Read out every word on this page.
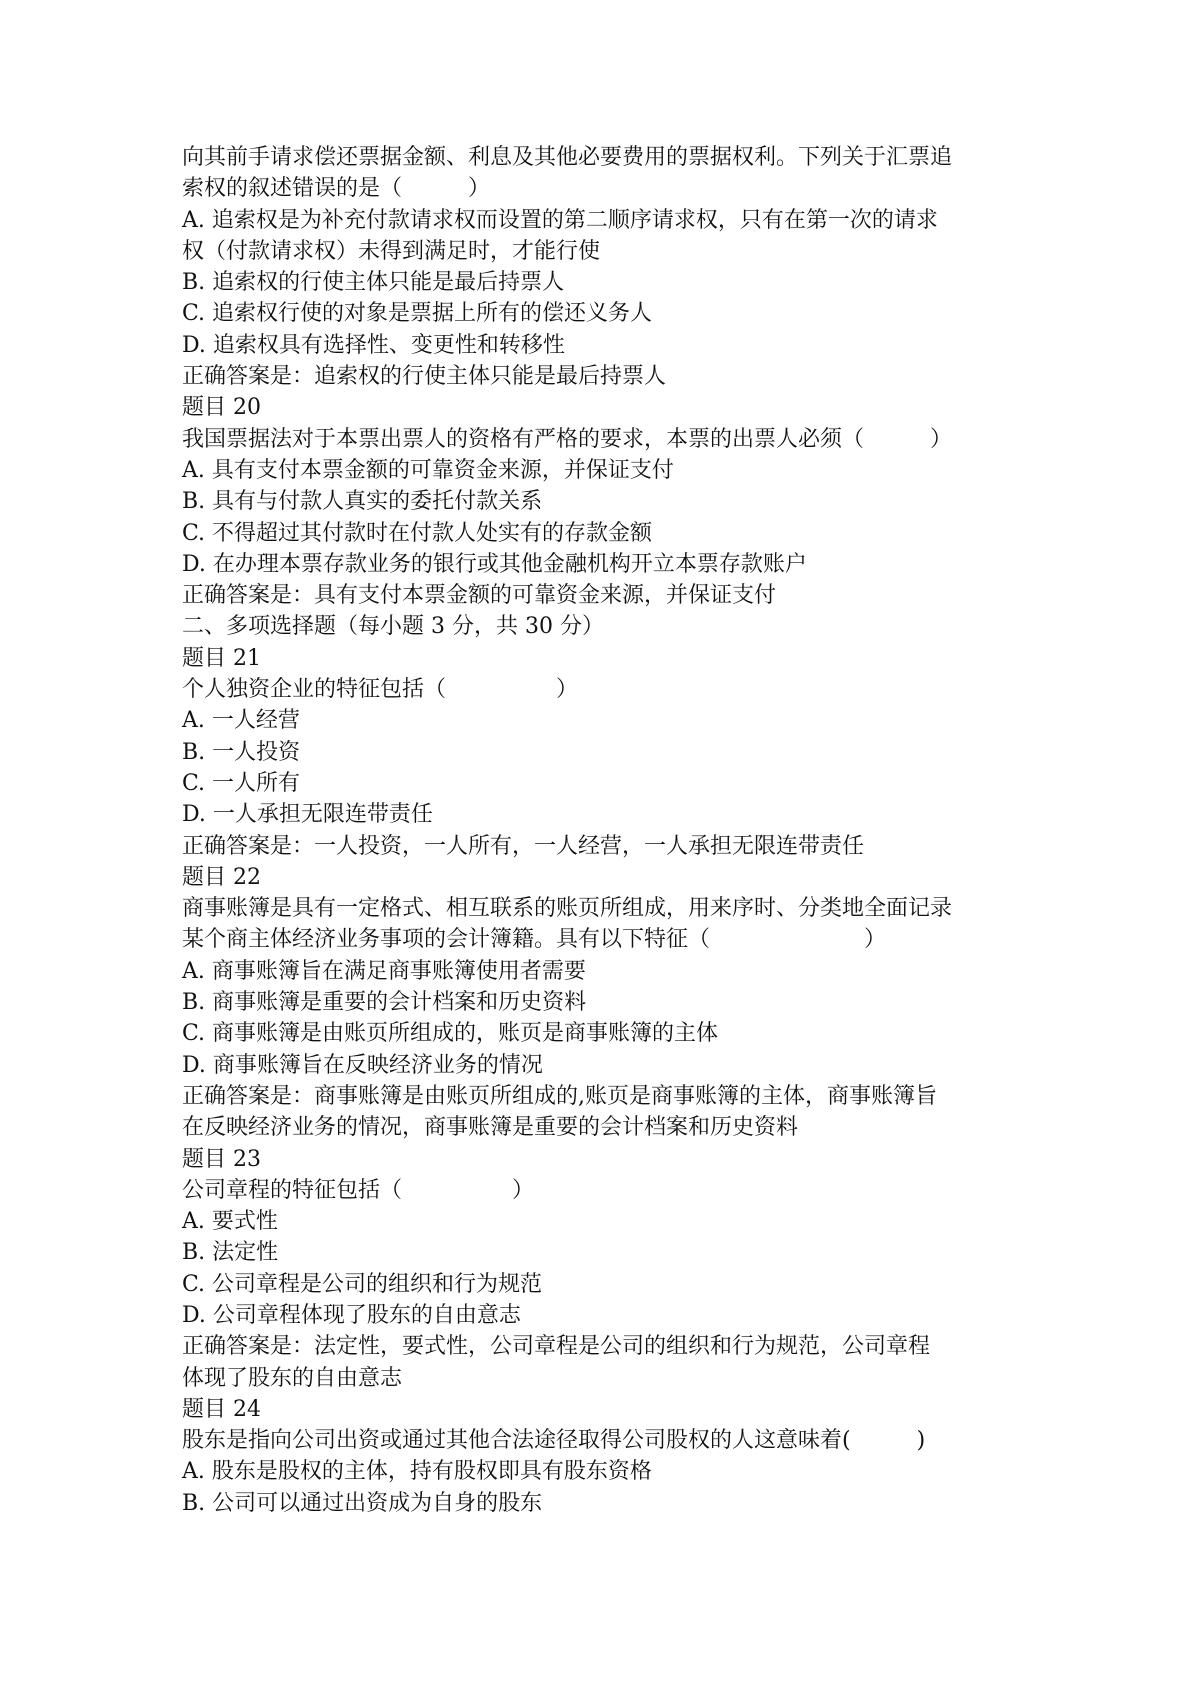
向其前手请求偿还票据金额、利息及其他必要费用的票据权利。下列关于汇票追

索权的叙述错误的是（　　　）

A. 追索权是为补充付款请求权而设置的第二顺序请求权，只有在第一次的请求

权（付款请求权）未得到满足时，才能行使

B. 追索权的行使主体只能是最后持票人

C. 追索权行使的对象是票据上所有的偿还义务人

D. 追索权具有选择性、变更性和转移性

正确答案是：追索权的行使主体只能是最后持票人

题目 20

我国票据法对于本票出票人的资格有严格的要求，本票的出票人必须（　　　）

A. 具有支付本票金额的可靠资金来源，并保证支付

B. 具有与付款人真实的委托付款关系

C. 不得超过其付款时在付款人处实有的存款金额

D. 在办理本票存款业务的银行或其他金融机构开立本票存款账户

正确答案是：具有支付本票金额的可靠资金来源，并保证支付

二、多项选择题（每小题 3 分，共 30 分）

题目 21

个人独资企业的特征包括（　　　　　）

A. 一人经营

B. 一人投资

C. 一人所有

D. 一人承担无限连带责任

正确答案是：一人投资，一人所有，一人经营，一人承担无限连带责任

题目 22

商事账簿是具有一定格式、相互联系的账页所组成，用来序时、分类地全面记录

某个商主体经济业务事项的会计簿籍。具有以下特征（　　　　　　　）

A. 商事账簿旨在满足商事账簿使用者需要

B. 商事账簿是重要的会计档案和历史资料

C. 商事账簿是由账页所组成的，账页是商事账簿的主体

D. 商事账簿旨在反映经济业务的情况

正确答案是：商事账簿是由账页所组成的,账页是商事账簿的主体，商事账簿旨

在反映经济业务的情况，商事账簿是重要的会计档案和历史资料

题目 23

公司章程的特征包括（　　　　　）

A. 要式性

B. 法定性

C. 公司章程是公司的组织和行为规范

D. 公司章程体现了股东的自由意志

正确答案是：法定性，要式性，公司章程是公司的组织和行为规范，公司章程

体现了股东的自由意志

题目 24

股东是指向公司出资或通过其他合法途径取得公司股权的人这意味着(　　　)

A. 股东是股权的主体，持有股权即具有股东资格

B. 公司可以通过出资成为自身的股东
